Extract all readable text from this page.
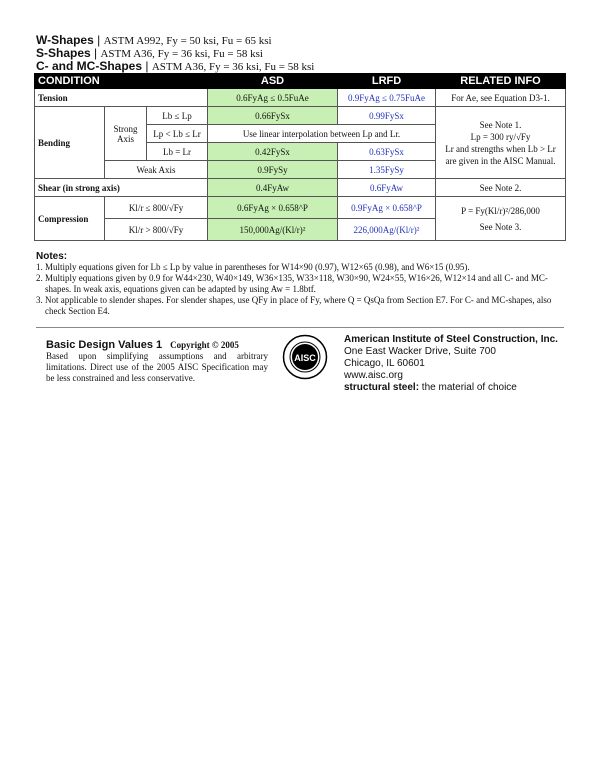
W-Shapes | ASTM A992, Fy = 50 ksi, Fu = 65 ksi
S-Shapes | ASTM A36, Fy = 36 ksi, Fu = 58 ksi
C- and MC-Shapes | ASTM A36, Fy = 36 ksi, Fu = 58 ksi
CONDITION			ASD	LRFD	RELATED INFO
Tension			0.6FyAg ≤ 0.5FuAe	0.9FyAg ≤ 0.75FuAe	For Ae, see Equation D3-1.
Bending	Strong Axis	Lb ≤ Lp	0.66FySx	0.99FySx	See Note 1.
Lp = 300 ry/√Fy
Lr and strengths when Lb > Lr are given in the AISC Manual.

		Lp < Lb ≤ Lr	Use linear interpolation between Lp and Lr.		
		Lb = Lr	0.42FySx	0.63FySx	
	Weak Axis		0.9FySy	1.35FySy	
Shear (in strong axis)			0.4FyAw	0.6FyAw	See Note 2.
Compression	Kl/r ≤ 800/√Fy		0.6FyAg × 0.658^P	0.9FyAg × 0.658^P	P = Fy(Kl/r)²/286,000
See Note 3.

	Kl/r > 800/√Fy		150,000Ag/(Kl/r)²	226,000Ag/(Kl/r)²	
Notes:

1. Multiply equations given for Lb ≤ Lp by value in parentheses for W14×90 (0.97), W12×65 (0.98), and W6×15 (0.95).

2. Multiply equations given by 0.9 for W44×230, W40×149, W36×135, W33×118, W30×90, W24×55, W16×26, W12×14 and all C- and MC-shapes. In weak axis, equations given can be adapted by using Aw = 1.8btf.

3. Not applicable to slender shapes. For slender shapes, use QFy in place of Fy, where Q = QsQa from Section E7. For C- and MC-shapes, also check Section E4.

Basic Design Values 1 Copyright © 2005
Based upon simplifying assumptions and arbitrary limitations. Direct use of the 2005 AISC Specification may be less constrained and less conservative.
AISC
American Institute of Steel Construction, Inc.
One East Wacker Drive, Suite 700
Chicago, IL 60601
www.aisc.org
structural steel: the material of choice
